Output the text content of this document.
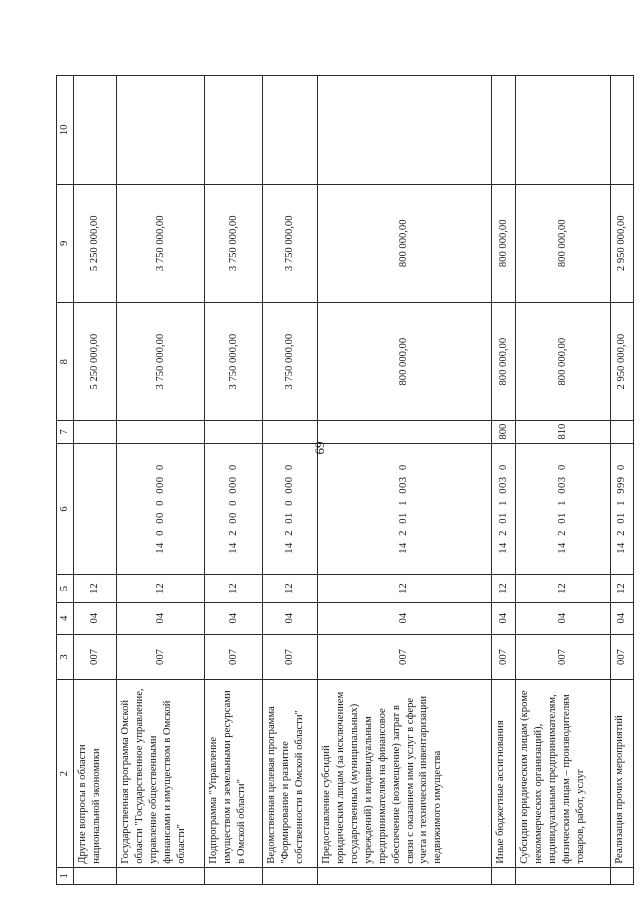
69
1	2	3	4	5	6	7	8	9	10
	Другие вопросы в области национальной экономики	007	04	12			5 250 000,00	5 250 000,00	
	Государственная программа Омской области "Государственное управление, управление общественными финансами и имуществом в Омской области"	007	04	12	14  0  00  0  000  0		3 750 000,00	3 750 000,00	
	Подпрограмма "Управление имуществом и земельными ресурсами в Омской области"	007	04	12	14  2  00  0  000  0		3 750 000,00	3 750 000,00	
	Ведомственная целевая программа "Формирование и развитие собственности в Омской области"	007	04	12	14  2  01  0  000  0		3 750 000,00	3 750 000,00	
	Предоставление субсидий юридическим лицам (за исключением государственных (муниципальных) учреждений) и индивидуальным предпринимателям на финансовое обеспечение (возмещение) затрат в связи с оказанием ими услуг в сфере учета и технической инвентаризации недвижимого имущества	007	04	12	14  2  01  1  003  0		800 000,00	800 000,00	
	Иные бюджетные ассигнования	007	04	12	14  2  01  1  003  0	800	800 000,00	800 000,00	
	Субсидии юридическим лицам (кроме некоммерческих организаций), индивидуальным предпринимателям, физическим лицам – производителям товаров, работ, услуг	007	04	12	14  2  01  1  003  0	810	800 000,00	800 000,00	
	Реализация прочих мероприятий	007	04	12	14  2  01  1  999  0		2 950 000,00	2 950 000,00	
